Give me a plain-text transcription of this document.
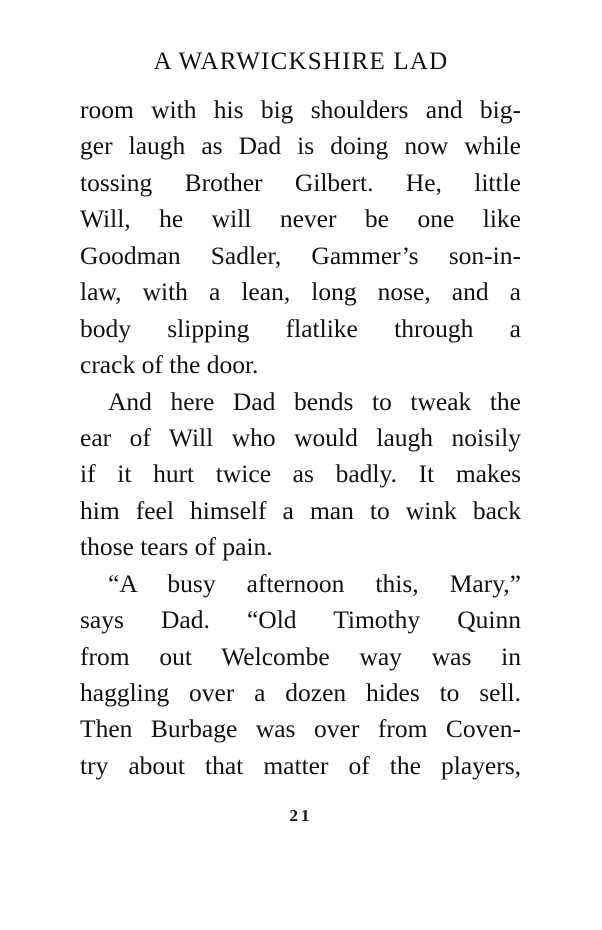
A WARWICKSHIRE LAD
room with his big shoulders and big-
ger laugh as Dad is doing now while
tossing Brother Gilbert. He, little
Will, he will never be one like
Goodman Sadler, Gammer’s son-in-
law, with a lean, long nose, and a
body slipping flatlike through a
crack of the door.
And here Dad bends to tweak the
ear of Will who would laugh noisily
if it hurt twice as badly. It makes
him feel himself a man to wink back
those tears of pain.
“A busy afternoon this, Mary,”
says Dad. “Old Timothy Quinn
from out Welcombe way was in
haggling over a dozen hides to sell.
Then Burbage was over from Coven-
try about that matter of the players,
21
